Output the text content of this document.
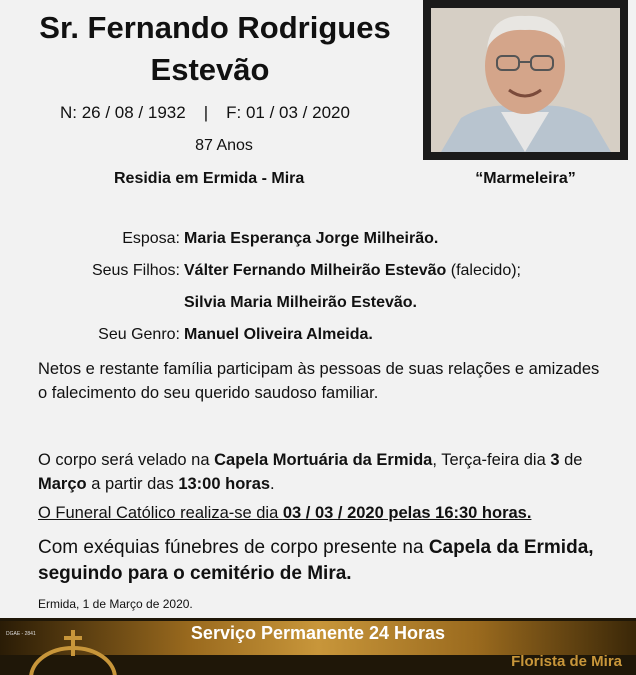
Sr. Fernando Rodrigues
Estevão
N: 26 / 08 / 1932 | F: 01 / 03 / 2020
87 Anos
Residia em Ermida - Mira	“Marmeleira”
Esposa: Maria Esperança Jorge Milheirão.
Seus Filhos: Válter Fernando Milheirão Estevão (falecido);
Silvia Maria Milheirão Estevão.
Seu Genro: Manuel Oliveira Almeida.
Netos e restante família participam às pessoas de suas relações e amizades o falecimento do seu querido saudoso familiar.
O corpo será velado na Capela Mortuária da Ermida, Terça-feira dia 3 de Março a partir das 13:00 horas.
O Funeral Católico realiza-se dia 03 / 03 / 2020 pelas 16:30 horas.
Com exéquias fúnebres de corpo presente na Capela da Ermida, seguindo para o cemitério de Mira.
Ermida, 1 de Março de 2020.
DGAE - 2841	Serviço Permanente 24 Horas
Florista de Mira
